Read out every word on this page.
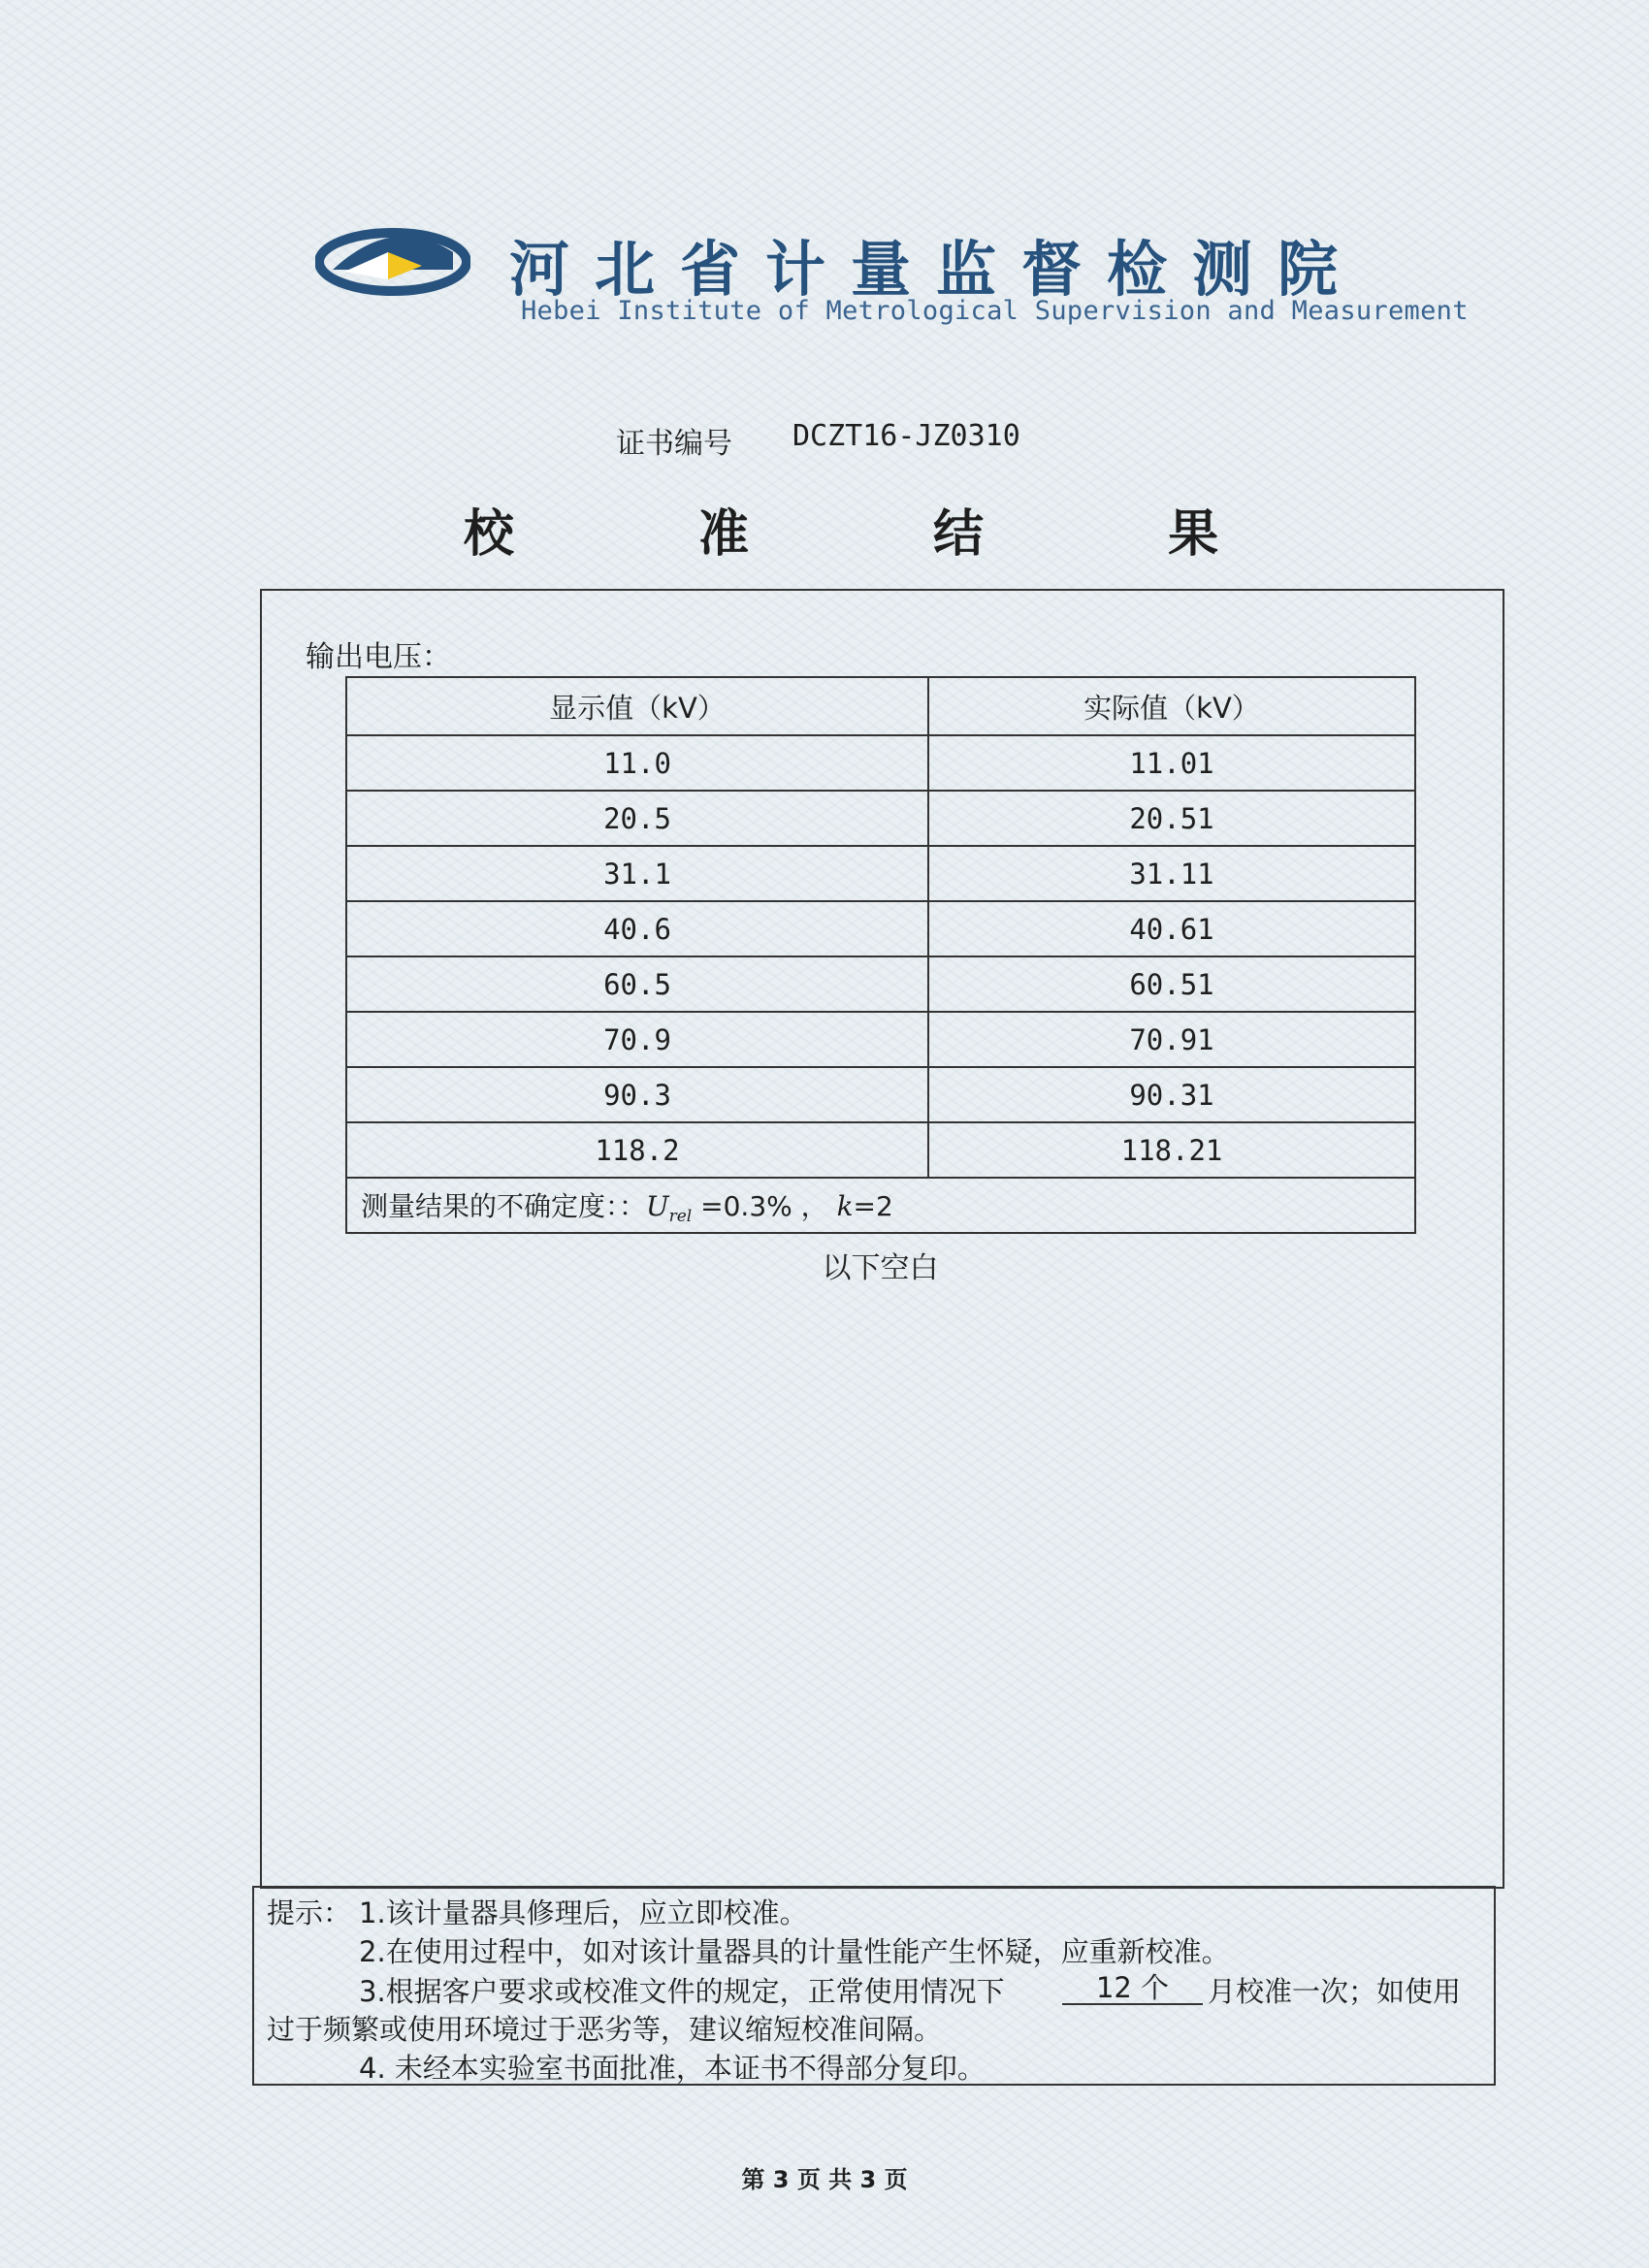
河北省计量监督检测院
Hebei Institute of Metrological Supervision and Measurement
证书编号 DCZT16-JZ0310
校 准 结 果
输出电压：
显示值（kV）	实际值（kV）
11.0	11.01
20.5	20.51
31.1	31.11
40.6	40.61
60.5	60.51
70.9	70.91
90.3	90.31
118.2	118.21
测量结果的不确定度：：$U_{rel} =0.3\%$ ， k=2	
以下空白
提示： 1.该计量器具修理后，应立即校准。
2.在使用过程中，如对该计量器具的计量性能产生怀疑，应重新校准。
3.根据客户要求或校准文件的规定，正常使用情况下	12 个	月校准一次；如使用
过于频繁或使用环境过于恶劣等，建议缩短校准间隔。
4. 未经本实验室书面批准，本证书不得部分复印。
第 3 页 共 3 页
